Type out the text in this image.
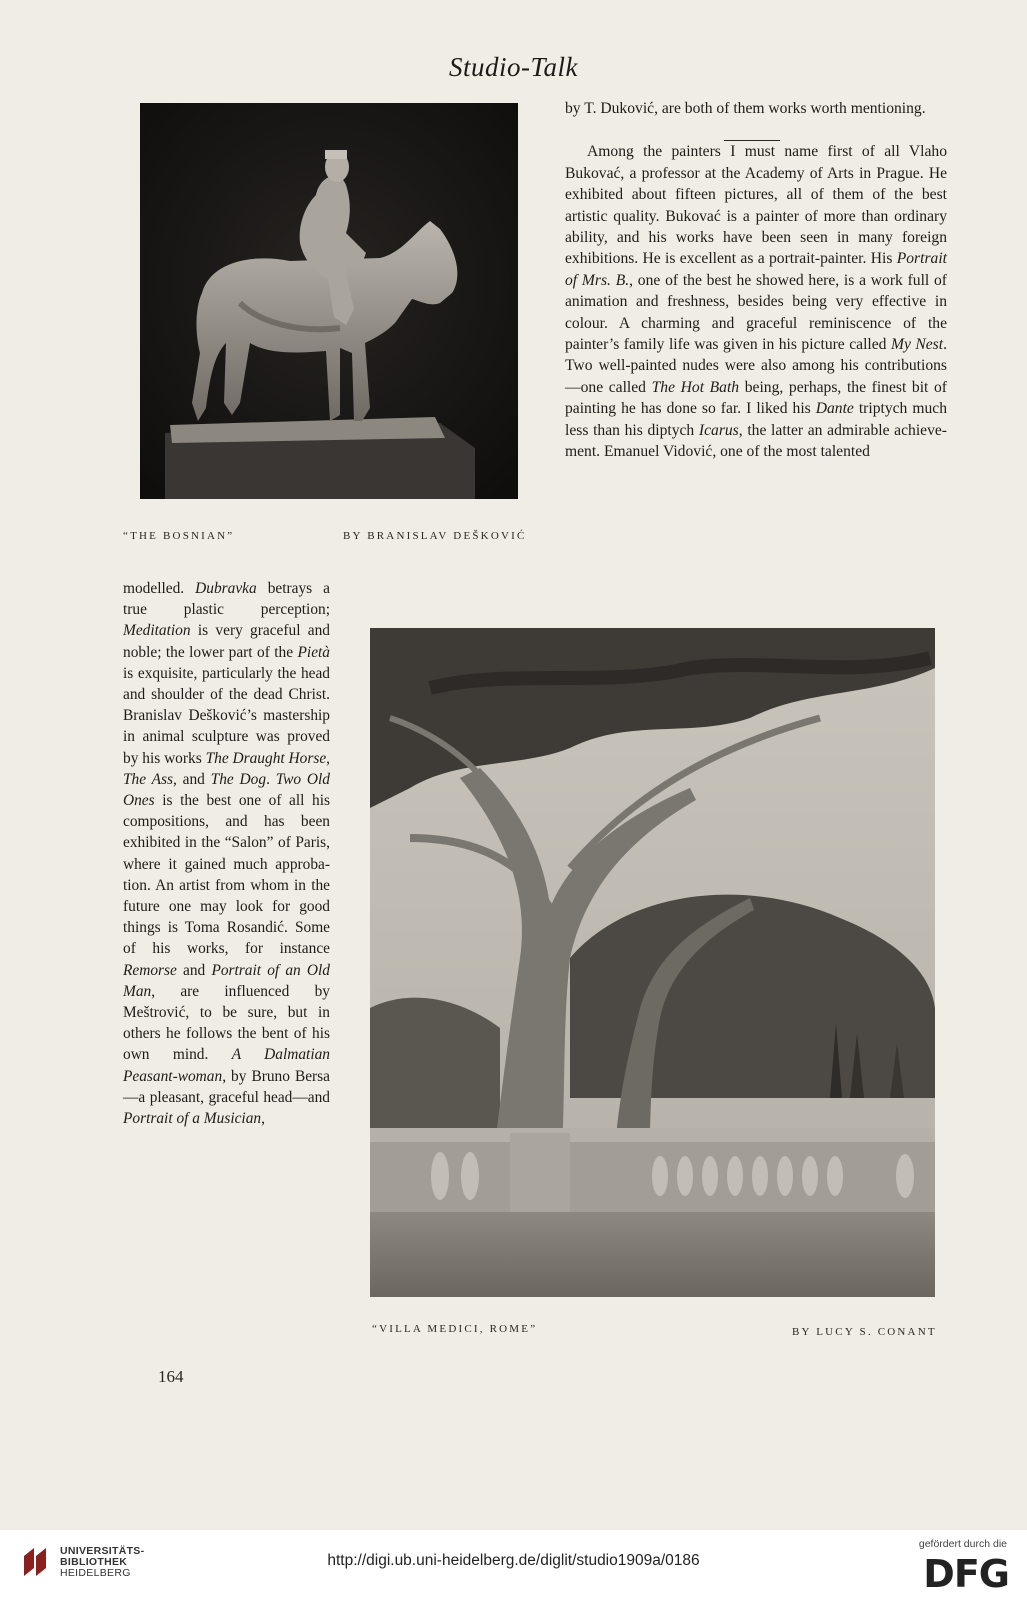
Studio-Talk
“THE BOSNIAN”	BY BRANISLAV DEŠKOVIĆ

by T. Duković, are both of them works worth mentioning.

Among the painters I must name first of all Vlaho Bukovać, a professor at the Academy of Arts in Prague. He exhibited about fifteen pictures, all of them of the best artistic quality. Bukovać is a painter of more than ordinary ability, and his works have been seen in many foreign exhibitions. He is excellent as a portrait-painter. His Portrait of Mrs. B., one of the best he showed here, is a work full of animation and freshness, besides being very effective in colour. A charming and graceful reminiscence of the painter’s family life was given in his picture called My Nest. Two well-painted nudes were also among his contributions—one called The Hot Bath being, perhaps, the finest bit of painting he has done so far. I liked his Dante triptych much less than his diptych Icarus, the latter an admirable achievement. Emanuel Vidović, one of the most talented

modelled. Dubravka betrays a true plastic perception; Meditation is very graceful and noble; the lower part of the Pietà is exquisite, particularly the head and shoulder of the dead Christ. Branislav Dešković’s mastership in animal sculpture was proved by his works The Draught Horse, The Ass, and The Dog. Two Old Ones is the best one of all his compositions, and has been exhibited in the “Salon” of Paris, where it gained much approbation. An artist from whom in the future one may look for good things is Toma Rosandić. Some of his works, for instance Remorse and Portrait of an Old Man, are influenced by Meštrović, to be sure, but in others he follows the bent of his own mind. A Dalmatian Peasant-woman, by Bruno Bersa—a pleasant, graceful head—and Portrait of a Musician,

“VILLA MEDICI, ROME”	BY LUCY S. CONANT
164
UNIVERSITÄTS-
BIBLIOTHEK
HEIDELBERG
http://digi.ub.uni-heidelberg.de/diglit/studio1909a/0186
gefördert durch die
DFG
